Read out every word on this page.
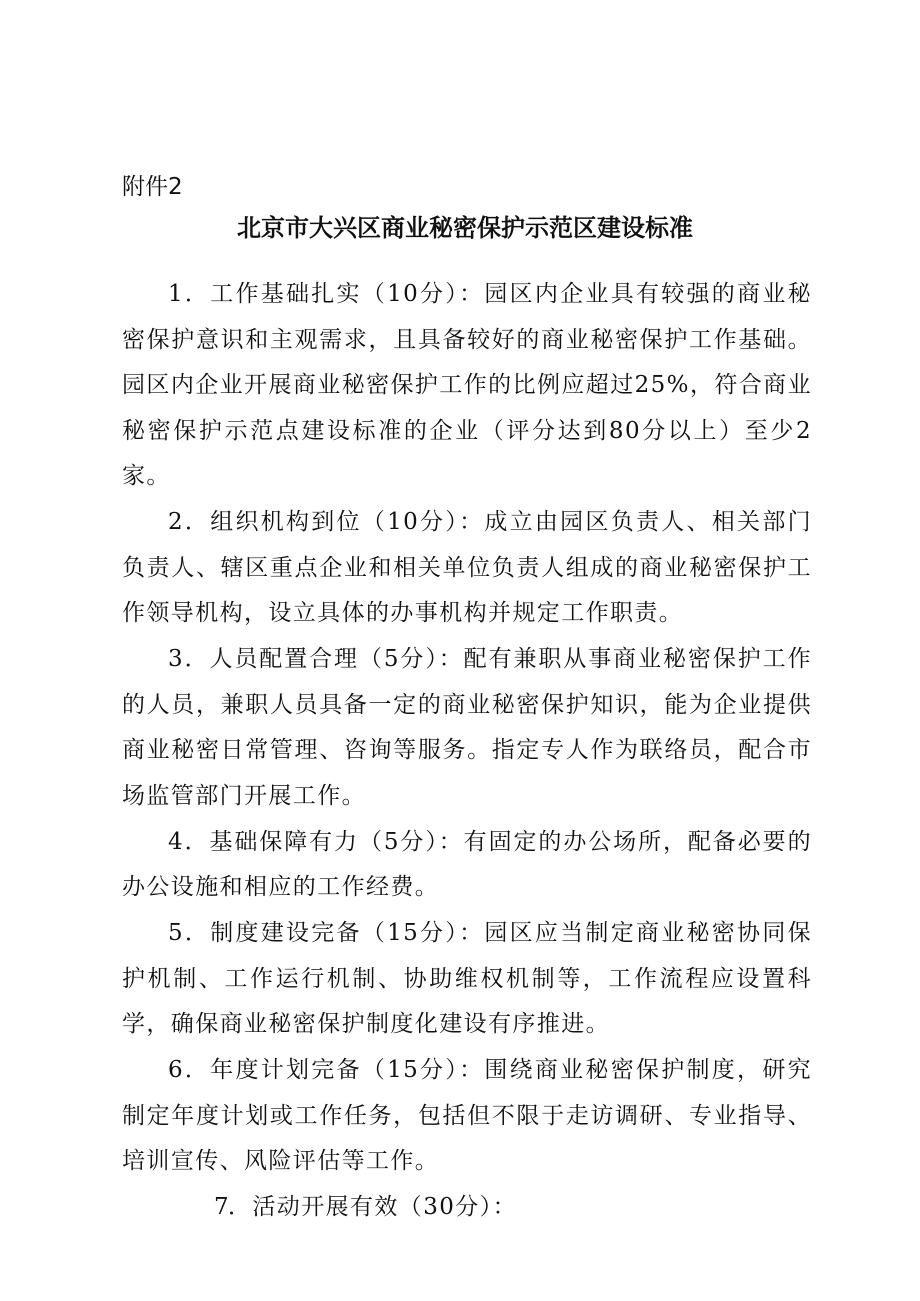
附件2
北京市大兴区商业秘密保护示范区建设标准

1．工作基础扎实（10分）：园区内企业具有较强的商业秘密保护意识和主观需求，且具备较好的商业秘密保护工作基础。园区内企业开展商业秘密保护工作的比例应超过25%，符合商业秘密保护示范点建设标准的企业（评分达到80分以上）至少2家。

2．组织机构到位（10分）：成立由园区负责人、相关部门负责人、辖区重点企业和相关单位负责人组成的商业秘密保护工作领导机构，设立具体的办事机构并规定工作职责。

3．人员配置合理（5分）：配有兼职从事商业秘密保护工作的人员，兼职人员具备一定的商业秘密保护知识，能为企业提供商业秘密日常管理、咨询等服务。指定专人作为联络员，配合市场监管部门开展工作。

4．基础保障有力（5分）：有固定的办公场所，配备必要的办公设施和相应的工作经费。

5．制度建设完备（15分）：园区应当制定商业秘密协同保护机制、工作运行机制、协助维权机制等，工作流程应设置科学，确保商业秘密保护制度化建设有序推进。

6．年度计划完备（15分）：围绕商业秘密保护制度，研究制定年度计划或工作任务，包括但不限于走访调研、专业指导、培训宣传、风险评估等工作。

7．活动开展有效（30分）：
